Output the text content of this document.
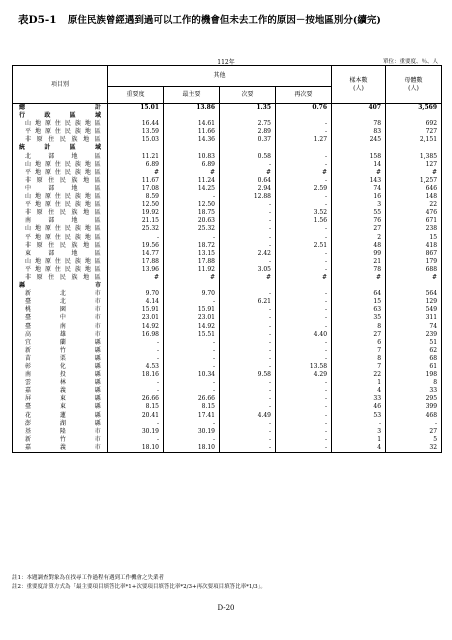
表D5-1 原住民族曾經遇到過可以工作的機會但未去工作的原因－按地區別分(續完)
112年	單位：重要度、％、人
項目別	其他				樣本數
(人)	母體數
(人)
	重要度	最主要	次要	再次要		
總計	15.01	13.86	1.35	0.76	407	3,569
行政區域						
山地原住民族地區	16.44	14.61	2.75	-	78	692
平地原住民族地區	13.59	11.66	2.89	-	83	727
非原住民族地區	15.03	14.36	0.37	1.27	245	2,151
統計區域						
北部地區	11.21	10.83	0.58	-	158	1,385
山地原住民族地區	6.89	6.89	-	-	14	127
平地原住民族地區	#	#	#	#	#	#
非原住民族地區	11.67	11.24	0.64	-	143	1,257
中部地區	17.08	14.25	2.94	2.59	74	646
山地原住民族地區	8.59	-	12.88	-	16	148
平地原住民族地區	12.50	12.50	-	-	3	22
非原住民族地區	19.92	18.75	-	3.52	55	476
南部地區	21.15	20.63	-	1.56	76	671
山地原住民族地區	25.32	25.32	-	-	27	238
平地原住民族地區	-	-	-	-	2	15
非原住民族地區	19.56	18.72	-	2.51	48	418
東部地區	14.77	13.15	2.42	-	99	867
山地原住民族地區	17.88	17.88	-	-	21	179
平地原住民族地區	13.96	11.92	3.05	-	78	688
非原住民族地區	#	#	#	#	#	#
縣市						
新北市	9.70	9.70	-	-	64	564
臺北市	4.14	-	6.21	-	15	129
桃園市	15.91	15.91	-	-	63	549
臺中市	23.01	23.01	-	-	35	311
臺南市	14.92	14.92	-	-	8	74
高雄市	16.98	15.51	-	4.40	27	239
宜蘭縣	-	-	-	-	6	51
新竹縣	-	-	-	-	7	62
苗栗縣	-	-	-	-	8	68
彰化縣	4.53	-	-	13.58	7	61
南投縣	18.16	10.34	9.58	4.29	22	198
雲林縣	-	-	-	-	1	8
嘉義縣	-	-	-	-	4	33
屏東縣	26.66	26.66	-	-	33	295
臺東縣	8.15	8.15	-	-	46	399
花蓮縣	20.41	17.41	4.49	-	53	468
澎湖縣	-	-	-	-	-	-
基隆市	30.19	30.19	-	-	3	27
新竹市	-	-	-	-	1	5
嘉義市	18.10	18.10	-	-	4	32
註1：本題調查對象為在找尋工作過程有遇到工作機會之失業者
註2：重要度計算方式為「最主要項目填答比率*1+次要項目填答比率*2/3+再次要項目填答比率*1/3」。
D-20
